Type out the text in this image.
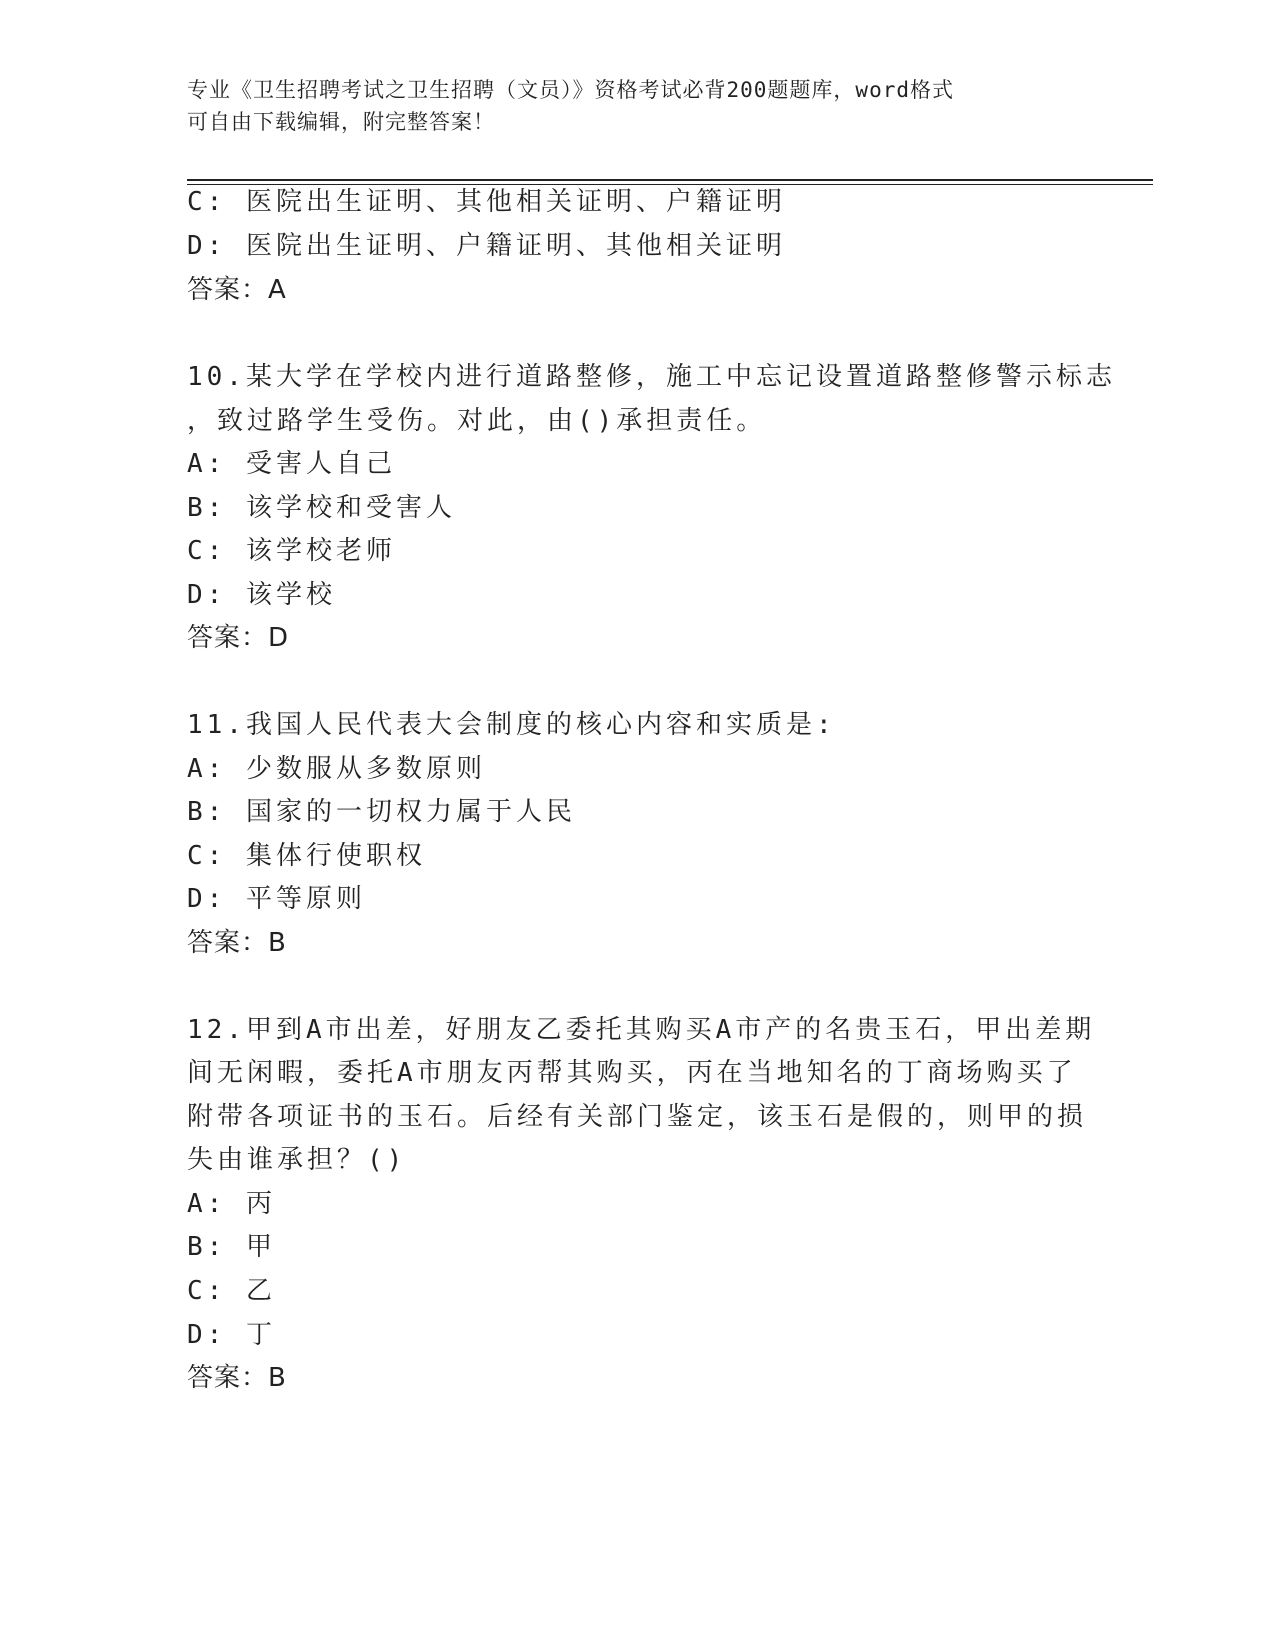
专业《卫生招聘考试之卫生招聘（文员）》资格考试必背200题题库，word格式
可自由下载编辑，附完整答案！
C: 医院出生证明、其他相关证明、户籍证明
D: 医院出生证明、户籍证明、其他相关证明
答案：A
10.某大学在学校内进行道路整修，施工中忘记设置道路整修警示标志
，致过路学生受伤。对此，由()承担责任。
A: 受害人自己
B: 该学校和受害人
C: 该学校老师
D: 该学校
答案：D
11.我国人民代表大会制度的核心内容和实质是:
A: 少数服从多数原则
B: 国家的一切权力属于人民
C: 集体行使职权
D: 平等原则
答案：B
12.甲到A市出差，好朋友乙委托其购买A市产的名贵玉石，甲出差期
间无闲暇，委托A市朋友丙帮其购买，丙在当地知名的丁商场购买了
附带各项证书的玉石。后经有关部门鉴定，该玉石是假的，则甲的损
失由谁承担？()
A: 丙
B: 甲
C: 乙
D: 丁
答案：B
